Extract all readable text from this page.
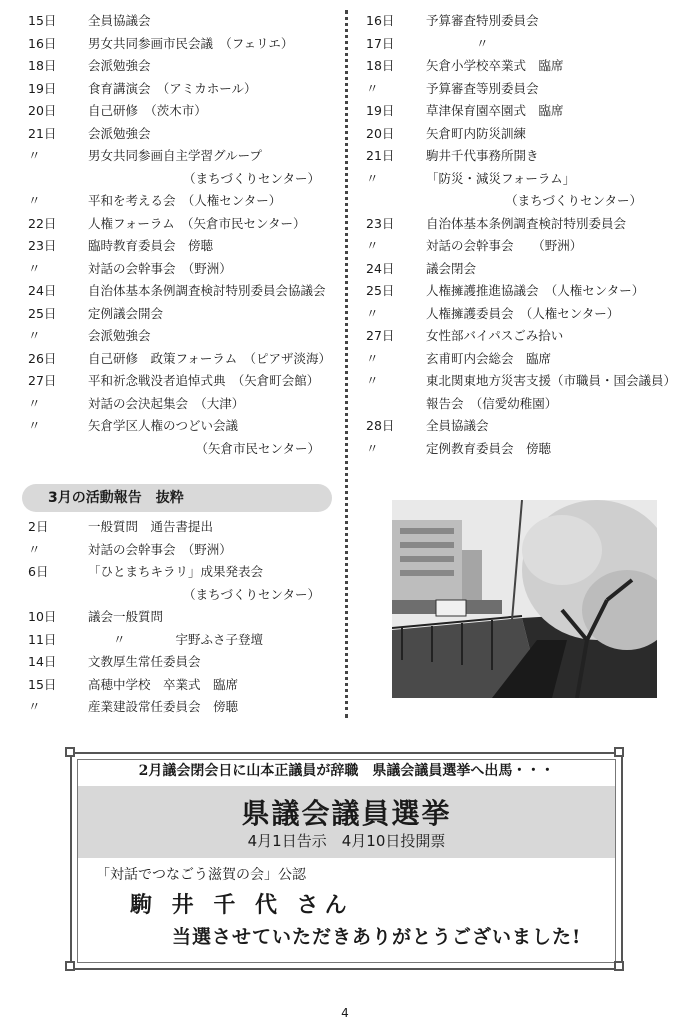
15日	全員協議会
16日	男女共同参画市民会議　（フェリエ）
18日	会派勉強会
19日	食育講演会　（アミカホール）
20日	自己研修　（茨木市）
21日	会派勉強会
〃	男女共同参画自主学習グループ
（まちづくりセンター）
〃	平和を考える会　（人権センター）
22日	人権フォーラム　（矢倉市民センター）
23日	臨時教育委員会　傍聴
〃	対話の会幹事会　（野洲）
24日	自治体基本条例調査検討特別委員会協議会
25日	定例議会開会
〃	会派勉強会
26日	自己研修　政策フォーラム　（ピアザ淡海）
27日	平和祈念戦没者追悼式典　（矢倉町会館）
〃	対話の会決起集会　（大津）
〃	矢倉学区人権のつどい会議
（矢倉市民センター）
16日	予算審査特別委員会
17日	　　　　〃
18日	矢倉小学校卒業式　臨席
〃	予算審査等別委員会
19日	草津保育園卒園式　臨席
20日	矢倉町内防災訓練
21日	駒井千代事務所開き
〃	「防災・減災フォーラム」
（まちづくりセンター）
23日	自治体基本条例調査検討特別委員会
〃	対話の会幹事会　　（野洲）
24日	議会閉会
25日	人権擁護推進協議会　（人権センター）
〃	人権擁護委員会　（人権センター）
27日	女性部バイパスごみ拾い
〃	玄甫町内会総会　臨席
〃	東北関東地方災害支援（市職員・国会議員）
報告会　（信愛幼稚園）
28日	全員協議会
〃	定例教育委員会　傍聴
3月の活動報告　抜粋
2日	一般質問　通告書提出
〃	対話の会幹事会　（野洲）
6日	「ひとまちキラリ」成果発表会
（まちづくりセンター）
10日	議会一般質問
11日	　　〃　　　　宇野ふさ子登壇
14日	文教厚生常任委員会
15日	高穂中学校　卒業式　臨席
〃	産業建設常任委員会　傍聴
2月議会閉会日に山本正議員が辞職　県議会議員選挙へ出馬・・・
県議会議員選挙
4月1日告示　4月10日投開票
「対話でつなごう滋賀の会」公認
駒 井 千 代 さん
当選させていただきありがとうございました!
4
